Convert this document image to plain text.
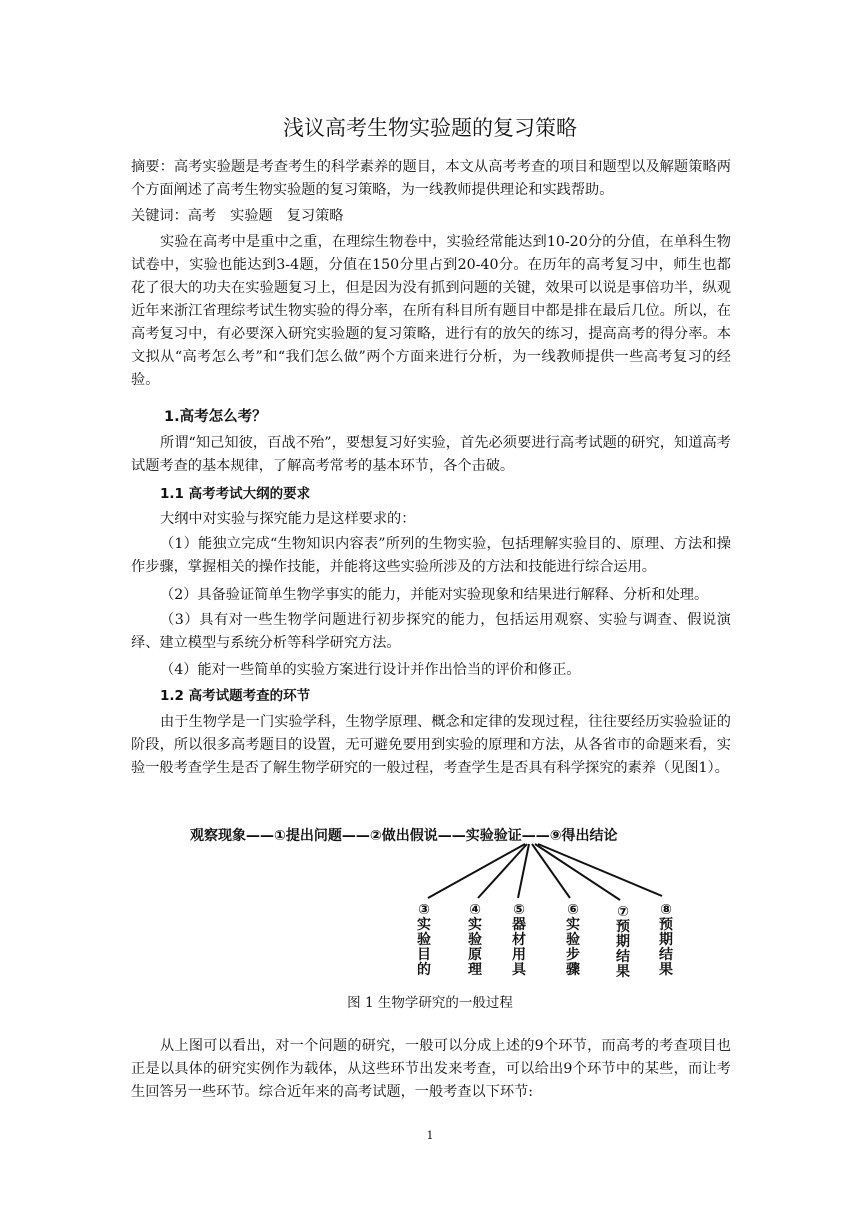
浅议高考生物实验题的复习策略

摘要：高考实验题是考查考生的科学素养的题目，本文从高考考查的项目和题型以及解题策略两个方面阐述了高考生物实验题的复习策略，为一线教师提供理论和实践帮助。

关键词：高考 实验题 复习策略

实验在高考中是重中之重，在理综生物卷中，实验经常能达到10-20分的分值，在单科生物试卷中，实验也能达到3-4题，分值在150分里占到20-40分。在历年的高考复习中，师生也都花了很大的功夫在实验题复习上，但是因为没有抓到问题的关键，效果可以说是事倍功半，纵观近年来浙江省理综考试生物实验的得分率，在所有科目所有题目中都是排在最后几位。所以，在高考复习中，有必要深入研究实验题的复习策略，进行有的放矢的练习，提高高考的得分率。本文拟从“高考怎么考”和“我们怎么做”两个方面来进行分析，为一线教师提供一些高考复习的经验。

1.高考怎么考？

所谓“知己知彼，百战不殆”，要想复习好实验，首先必须要进行高考试题的研究，知道高考试题考查的基本规律，了解高考常考的基本环节，各个击破。

1.1 高考考试大纲的要求

大纲中对实验与探究能力是这样要求的：

（1）能独立完成“生物知识内容表”所列的生物实验，包括理解实验目的、原理、方法和操作步骤，掌握相关的操作技能，并能将这些实验所涉及的方法和技能进行综合运用。

（2）具备验证简单生物学事实的能力，并能对实验现象和结果进行解释、分析和处理。

（3）具有对一些生物学问题进行初步探究的能力，包括运用观察、实验与调查、假说演绎、建立模型与系统分析等科学研究方法。

（4）能对一些简单的实验方案进行设计并作出恰当的评价和修正。

1.2 高考试题考查的环节

由于生物学是一门实验学科，生物学原理、概念和定律的发现过程，往往要经历实验验证的阶段，所以很多高考题目的设置，无可避免要用到实验的原理和方法，从各省市的命题来看，实验一般考查学生是否了解生物学研究的一般过程，考查学生是否具有科学探究的素养（见图1）。

观察现象——①提出问题——②做出假说——实验验证——⑨得出结论
③ 实验目的
④ 实验原理
⑤ 器材用具
⑥ 实验步骤
⑦ 预期结果
⑧ 预期结果
图 1 生物学研究的一般过程

从上图可以看出，对一个问题的研究，一般可以分成上述的9个环节，而高考的考查项目也正是以具体的研究实例作为载体，从这些环节出发来考查，可以给出9个环节中的某些，而让考生回答另一些环节。综合近年来的高考试题，一般考查以下环节:

1
